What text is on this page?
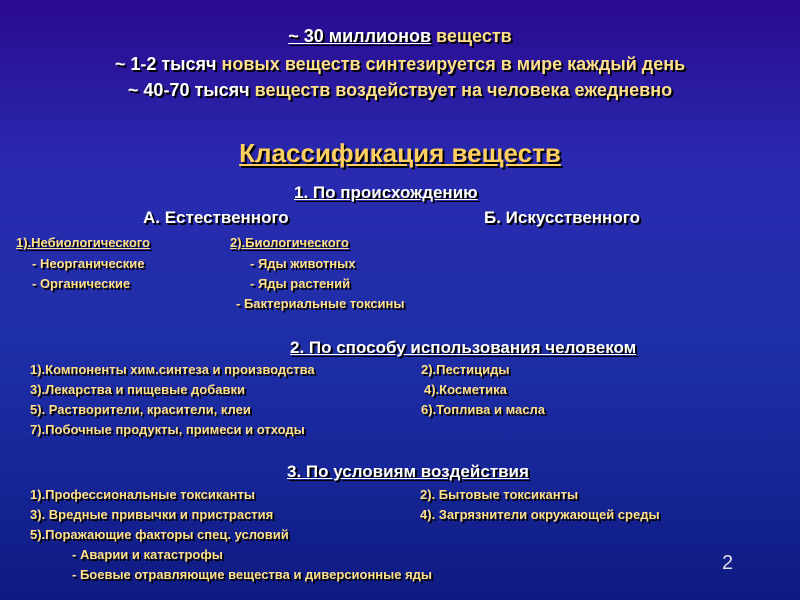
~ 30 миллионов веществ
~ 1-2 тысяч новых веществ синтезируется в мире каждый день
~ 40-70 тысяч веществ воздействует на человека ежедневно
Классификация веществ
1. По происхождению
А. Естественного	Б. Искусственного
1).Небиологического	2).Биологического
- Неорганические
- Органические
- Яды животных
- Яды растений
- Бактериальные токсины
2. По способу использования человеком
1).Компоненты хим.синтеза и производства
3).Лекарства и пищевые добавки
5). Растворители, красители, клеи
7).Побочные продукты, примеси и отходы
2).Пестициды
4).Косметика
6).Топлива и масла
3. По условиям воздействия
1).Профессиональные токсиканты
3). Вредные привычки и пристрастия
5).Поражающие факторы спец. условий
2). Бытовые токсиканты
4). Загрязнители окружающей среды
- Аварии и катастрофы
- Боевые отравляющие вещества и диверсионные яды
2
